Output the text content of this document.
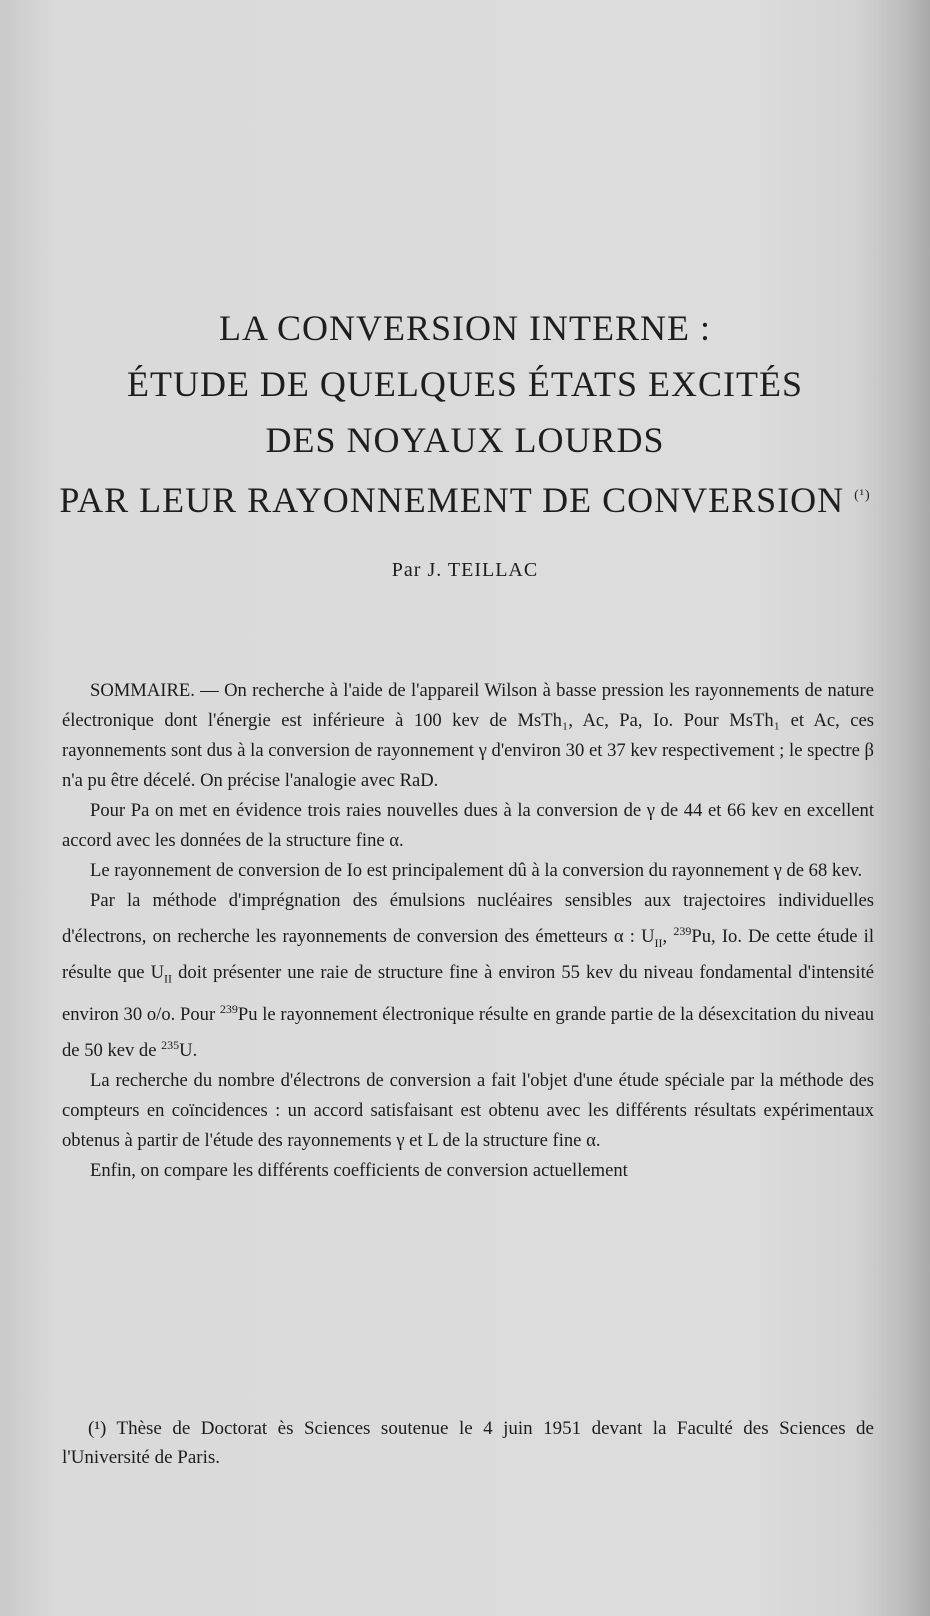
LA CONVERSION INTERNE :
ÉTUDE DE QUELQUES ÉTATS EXCITÉS
DES NOYAUX LOURDS
PAR LEUR RAYONNEMENT DE CONVERSION $^{(^1)}$
Par J. TEILLAC

SOMMAIRE. — On recherche à l'aide de l'appareil Wilson à basse pression les rayonnements de nature électronique dont l'énergie est inférieure à 100 kev de MsTh₁, Ac, Pa, Io. Pour MsTh₁ et Ac, ces rayonnements sont dus à la conversion de rayonnement γ d'environ 30 et 37 kev respectivement ; le spectre β n'a pu être décelé. On précise l'analogie avec RaD.

Pour Pa on met en évidence trois raies nouvelles dues à la conversion de γ de 44 et 66 kev en excellent accord avec les données de la structure fine α.

Le rayonnement de conversion de Io est principalement dû à la conversion du rayonnement γ de 68 kev.

Par la méthode d'imprégnation des émulsions nucléaires sensibles aux trajectoires individuelles d'électrons, on recherche les rayonnements de conversion des émetteurs α : $U_{II}$, $^{239}$Pu, Io. De cette étude il résulte que $U_{II}$ doit présenter une raie de structure fine à environ 55 kev du niveau fondamental d'intensité environ 30 o/o. Pour $^{239}$Pu le rayonnement électronique résulte en grande partie de la désexcitation du niveau de 50 kev de $^{235}$U.

La recherche du nombre d'électrons de conversion a fait l'objet d'une étude spéciale par la méthode des compteurs en coïncidences : un accord satisfaisant est obtenu avec les différents résultats expérimentaux obtenus à partir de l'étude des rayonnements γ et L de la structure fine α.

Enfin, on compare les différents coefficients de conversion actuellement

(¹) Thèse de Doctorat ès Sciences soutenue le 4 juin 1951 devant la Faculté des Sciences de l'Université de Paris.
